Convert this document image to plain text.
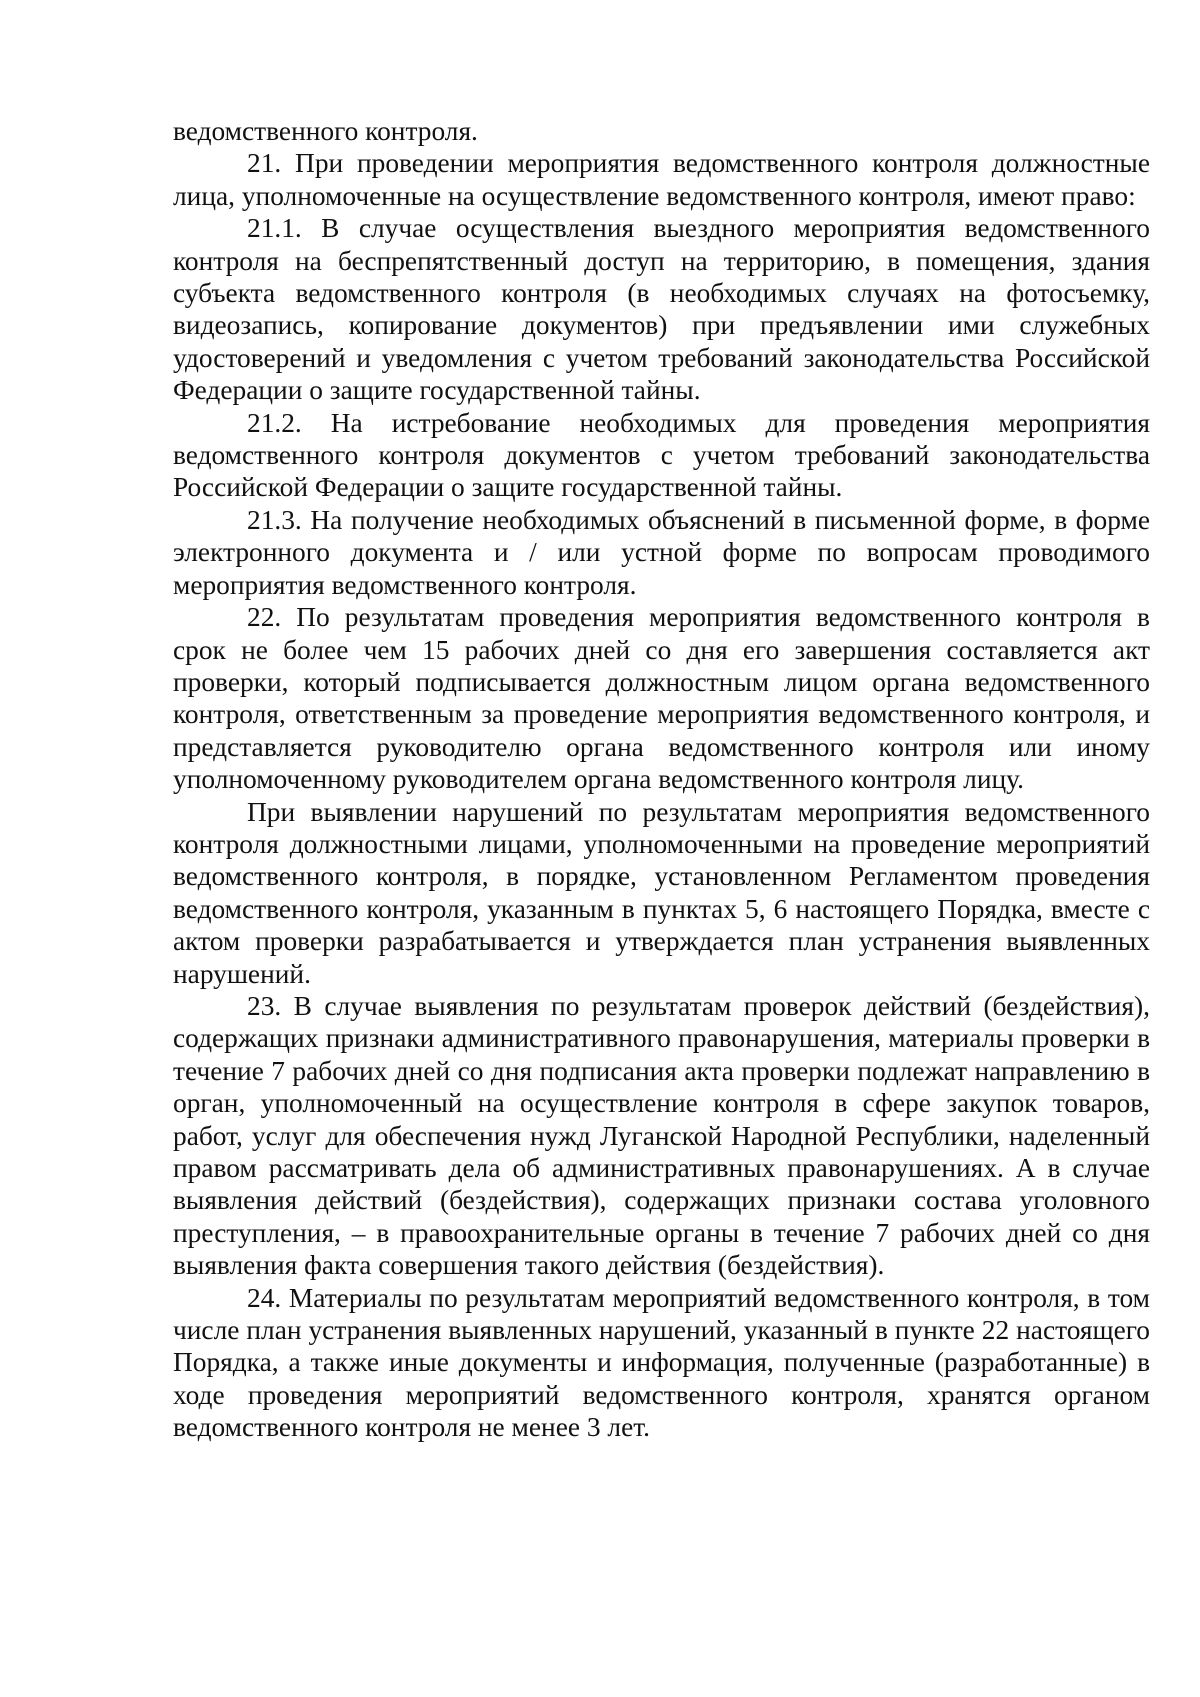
ведомственного контроля.

21. При проведении мероприятия ведомственного контроля должностные лица, уполномоченные на осуществление ведомственного контроля, имеют право:

21.1. В случае осуществления выездного мероприятия ведомственного контроля на беспрепятственный доступ на территорию, в помещения, здания субъекта ведомственного контроля (в необходимых случаях на фотосъемку, видеозапись, копирование документов) при предъявлении ими служебных удостоверений и уведомления с учетом требований законодательства Российской Федерации о защите государственной тайны.

21.2. На истребование необходимых для проведения мероприятия ведомственного контроля документов с учетом требований законодательства Российской Федерации о защите государственной тайны.

21.3. На получение необходимых объяснений в письменной форме, в форме электронного документа и / или устной форме по вопросам проводимого мероприятия ведомственного контроля.

22. По результатам проведения мероприятия ведомственного контроля в срок не более чем 15 рабочих дней со дня его завершения составляется акт проверки, который подписывается должностным лицом органа ведомственного контроля, ответственным за проведение мероприятия ведомственного контроля, и представляется руководителю органа ведомственного контроля или иному уполномоченному руководителем органа ведомственного контроля лицу.

При выявлении нарушений по результатам мероприятия ведомственного контроля должностными лицами, уполномоченными на проведение мероприятий ведомственного контроля, в порядке, установленном Регламентом проведения ведомственного контроля, указанным в пунктах 5, 6 настоящего Порядка, вместе с актом проверки разрабатывается и утверждается план устранения выявленных нарушений.

23. В случае выявления по результатам проверок действий (бездействия), содержащих признаки административного правонарушения, материалы проверки в течение 7 рабочих дней со дня подписания акта проверки подлежат направлению в орган, уполномоченный на осуществление контроля в сфере закупок товаров, работ, услуг для обеспечения нужд Луганской Народной Республики, наделенный правом рассматривать дела об административных правонарушениях. А в случае выявления действий (бездействия), содержащих признаки состава уголовного преступления, – в правоохранительные органы в течение 7 рабочих дней со дня выявления факта совершения такого действия (бездействия).

24. Материалы по результатам мероприятий ведомственного контроля, в том числе план устранения выявленных нарушений, указанный в пункте 22 настоящего Порядка, а также иные документы и информация, полученные (разработанные) в ходе проведения мероприятий ведомственного контроля, хранятся органом ведомственного контроля не менее 3 лет.
